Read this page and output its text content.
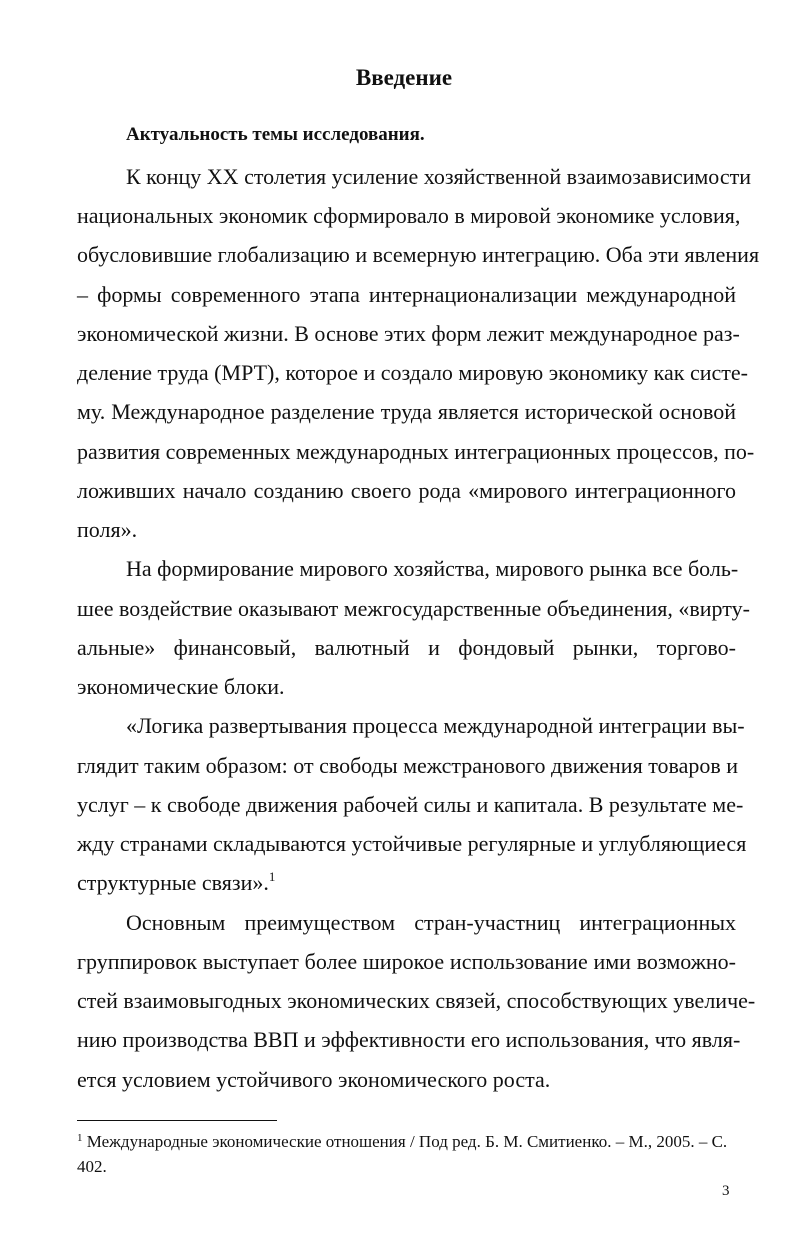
Введение
Актуальность темы исследования.
К концу XX столетия усиление хозяйственной взаимозависимости
национальных экономик сформировало в мировой экономике условия,
обусловившие глобализацию и всемерную интеграцию. Оба эти явления
– формы современного этапа интернационализации международной
экономической жизни. В основе этих форм лежит международное раз-
деление труда (МРТ), которое и создало мировую экономику как систе-
му. Международное разделение труда является исторической основой
развития современных международных интеграционных процессов, по-
ложивших начало созданию своего рода «мирового интеграционного
поля».
На формирование мирового хозяйства, мирового рынка все боль-
шее воздействие оказывают межгосударственные объединения, «вирту-
альные» финансовый, валютный и фондовый рынки, торгово-
экономические блоки.
«Логика развертывания процесса международной интеграции вы-
глядит таким образом: от свободы межстранового движения товаров и
услуг – к свободе движения рабочей силы и капитала. В результате ме-
жду странами складываются устойчивые регулярные и углубляющиеся
структурные связи».$^1$
Основным преимуществом стран-участниц интеграционных
группировок выступает более широкое использование ими возможно-
стей взаимовыгодных экономических связей, способствующих увеличе-
нию производства ВВП и эффективности его использования, что явля-
ется условием устойчивого экономического роста.
$^1$ Международные экономические отношения / Под ред. Б. М. Смитиенко. – М., 2005. – С.
402.
3
